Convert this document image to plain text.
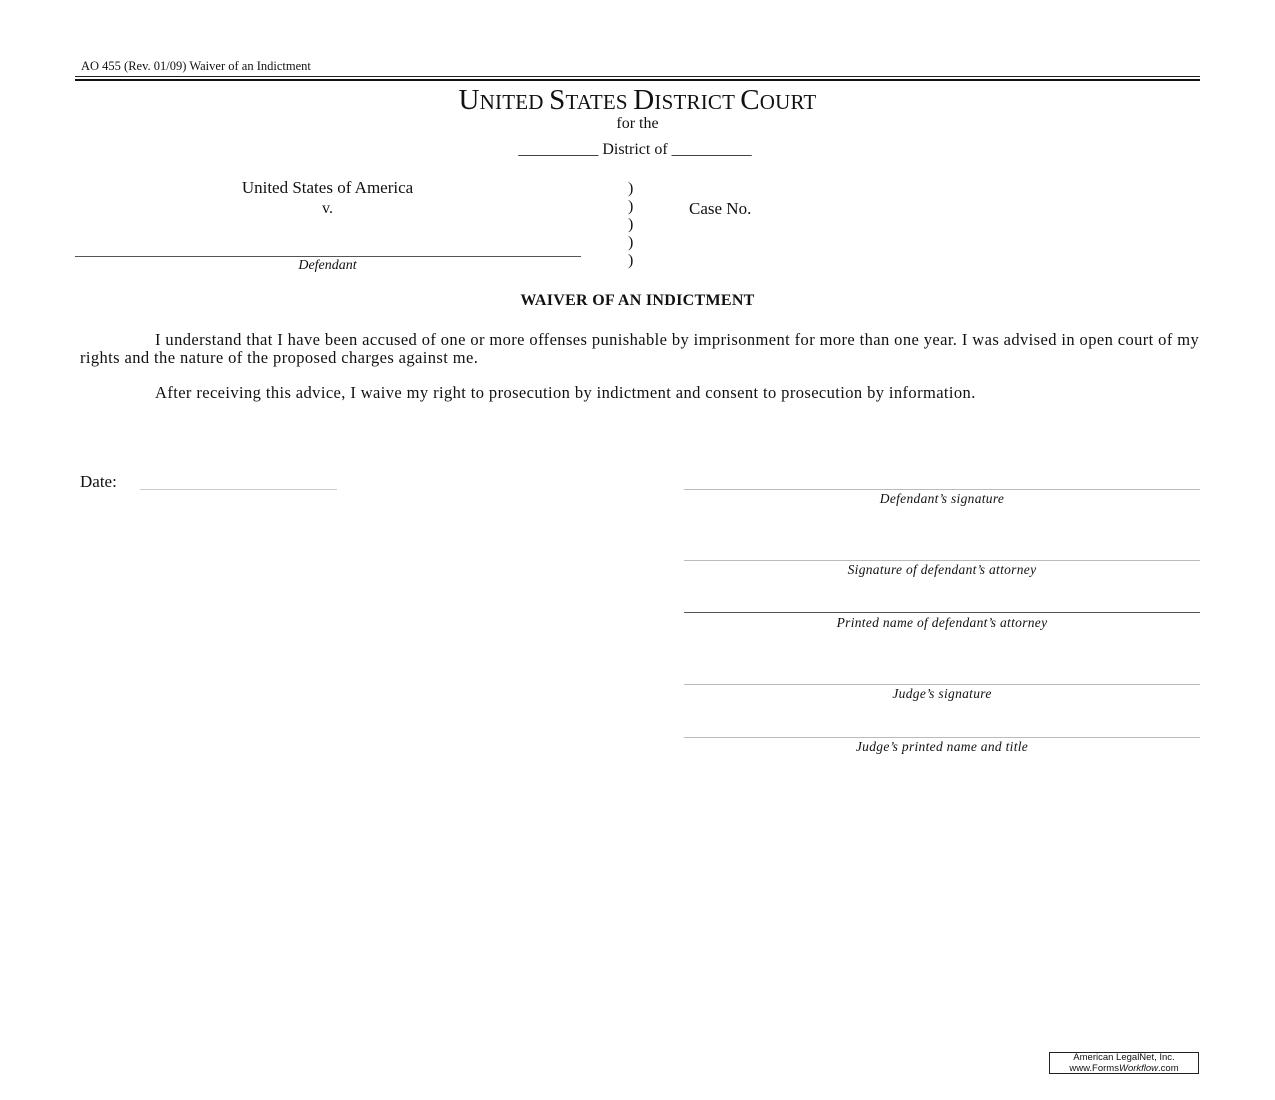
AO 455 (Rev. 01/09) Waiver of an Indictment
UNITED STATES DISTRICT COURT
for the
__________ District of __________
United States of America
v.
Defendant
)
)
)
)
)
Case No.
WAIVER OF AN INDICTMENT
I understand that I have been accused of one or more offenses punishable by imprisonment for more than one year. I was advised in open court of my rights and the nature of the proposed charges against me.
After receiving this advice, I waive my right to prosecution by indictment and consent to prosecution by information.
Date:
Defendant’s signature
Signature of defendant’s attorney
Printed name of defendant’s attorney
Judge’s signature
Judge’s printed name and title
American LegalNet, Inc.
www.FormsWorkflow.com
